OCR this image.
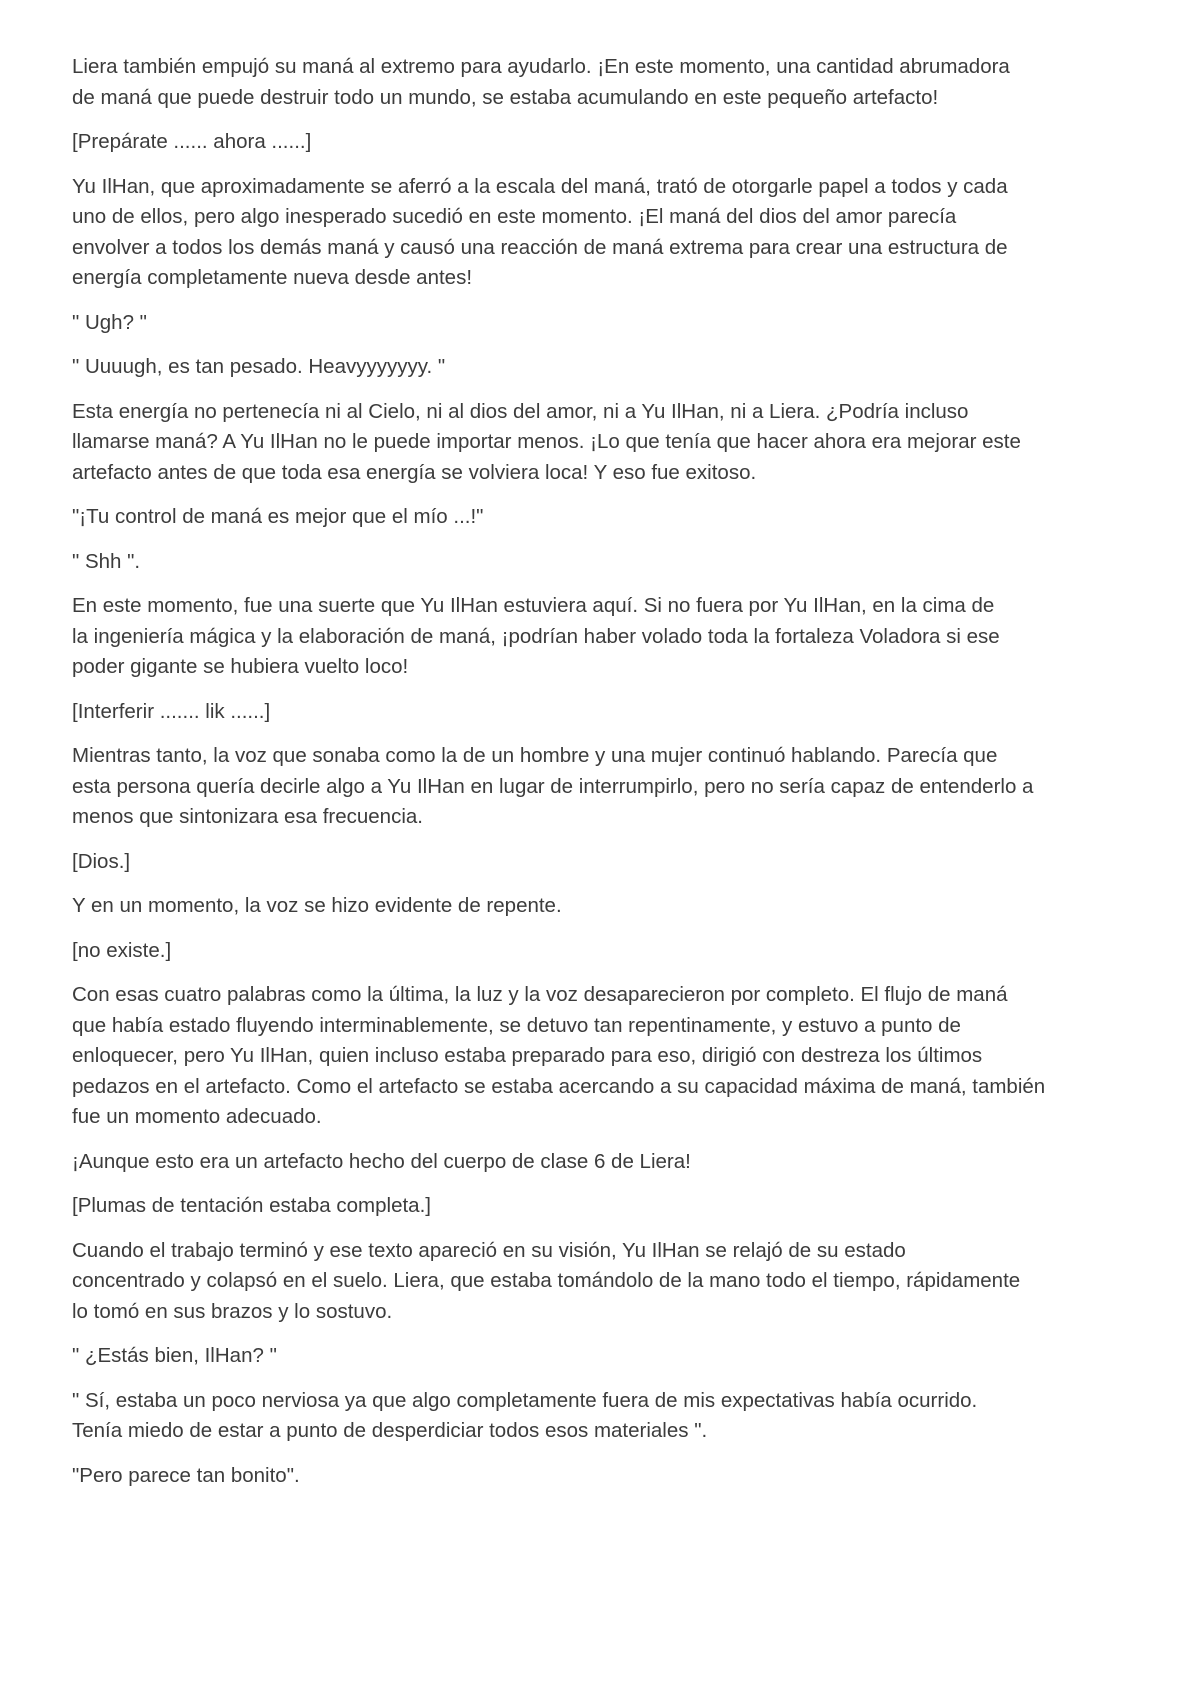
Liera también empujó su maná al extremo para ayudarlo. ¡En este momento, una cantidad abrumadora
de maná que puede destruir todo un mundo, se estaba acumulando en este pequeño artefacto!

[Prepárate ...... ahora ......]

Yu IlHan, que aproximadamente se aferró a la escala del maná, trató de otorgarle papel a todos y cada
uno de ellos, pero algo inesperado sucedió en este momento. ¡El maná del dios del amor parecía
envolver a todos los demás maná y causó una reacción de maná extrema para crear una estructura de
energía completamente nueva desde antes!

" Ugh? "

" Uuuugh, es tan pesado. Heavyyyyyyy. "

Esta energía no pertenecía ni al Cielo, ni al dios del amor, ni a Yu IlHan, ni a Liera. ¿Podría incluso
llamarse maná? A Yu IlHan no le puede importar menos. ¡Lo que tenía que hacer ahora era mejorar este
artefacto antes de que toda esa energía se volviera loca! Y eso fue exitoso.

"¡Tu control de maná es mejor que el mío ...!"

" Shh ".

En este momento, fue una suerte que Yu IlHan estuviera aquí. Si no fuera por Yu IlHan, en la cima de
la ingeniería mágica y la elaboración de maná, ¡podrían haber volado toda la fortaleza Voladora si ese
poder gigante se hubiera vuelto loco!

[Interferir ....... lik ......]

Mientras tanto, la voz que sonaba como la de un hombre y una mujer continuó hablando. Parecía que
esta persona quería decirle algo a Yu IlHan en lugar de interrumpirlo, pero no sería capaz de entenderlo a
menos que sintonizara esa frecuencia.

[Dios.]

Y en un momento, la voz se hizo evidente de repente.

[no existe.]

Con esas cuatro palabras como la última, la luz y la voz desaparecieron por completo. El flujo de maná
que había estado fluyendo interminablemente, se detuvo tan repentinamente, y estuvo a punto de
enloquecer, pero Yu IlHan, quien incluso estaba preparado para eso, dirigió con destreza los últimos
pedazos en el artefacto. Como el artefacto se estaba acercando a su capacidad máxima de maná, también
fue un momento adecuado.

¡Aunque esto era un artefacto hecho del cuerpo de clase 6 de Liera!

[Plumas de tentación estaba completa.]

Cuando el trabajo terminó y ese texto apareció en su visión, Yu IlHan se relajó de su estado
concentrado y colapsó en el suelo. Liera, que estaba tomándolo de la mano todo el tiempo, rápidamente
lo tomó en sus brazos y lo sostuvo.

" ¿Estás bien, IlHan? "

" Sí, estaba un poco nerviosa ya que algo completamente fuera de mis expectativas había ocurrido.
Tenía miedo de estar a punto de desperdiciar todos esos materiales ".

"Pero parece tan bonito".
